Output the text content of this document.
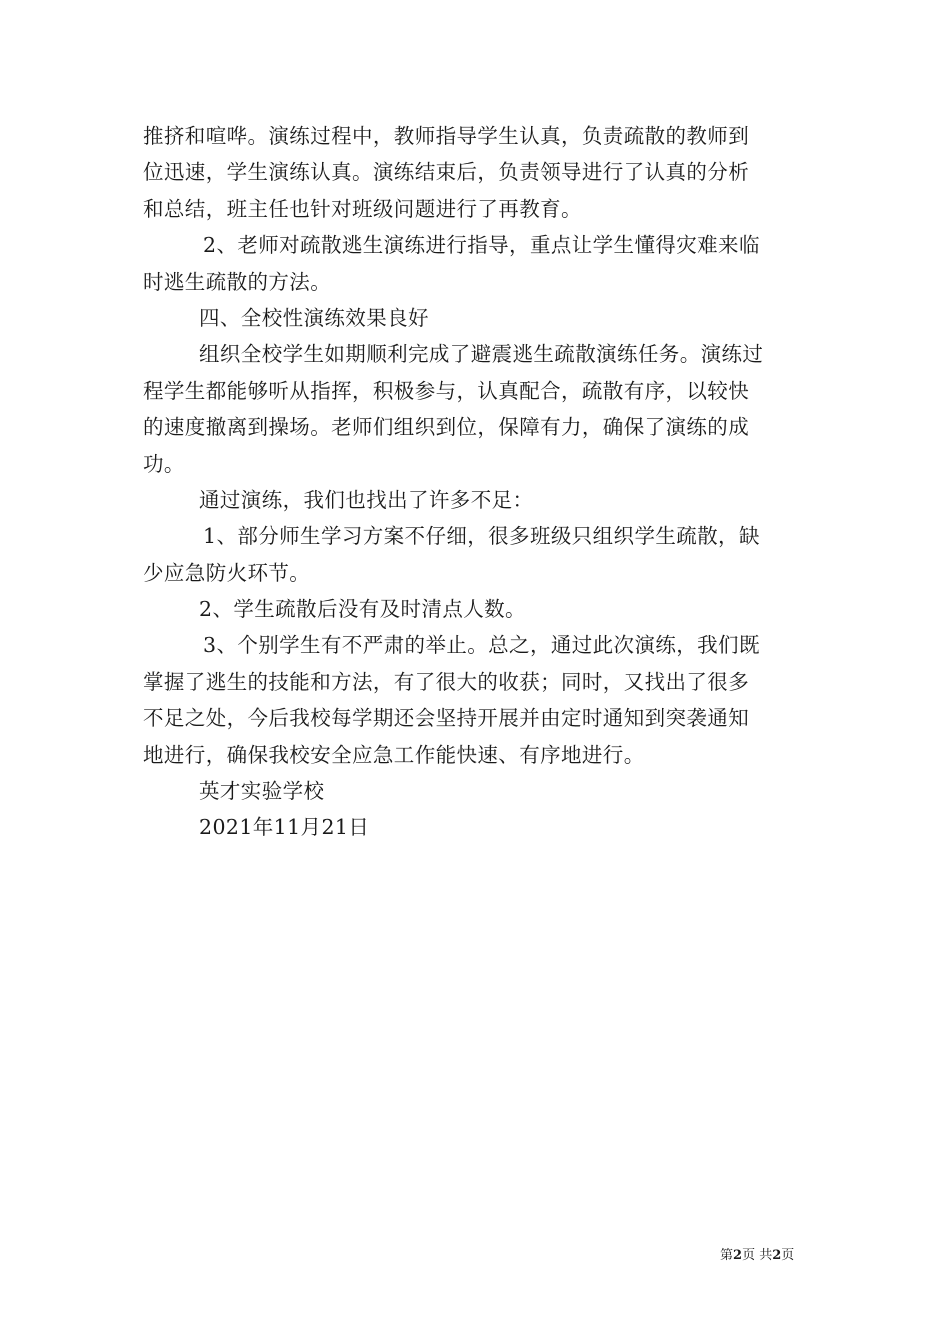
推挤和喧哗。演练过程中，教师指导学生认真，负责疏散的教师到
位迅速，学生演练认真。演练结束后，负责领导进行了认真的分析
和总结，班主任也针对班级问题进行了再教育。
2、老师对疏散逃生演练进行指导，重点让学生懂得灾难来临
时逃生疏散的方法。
四、全校性演练效果良好
组织全校学生如期顺利完成了避震逃生疏散演练任务。演练过
程学生都能够听从指挥，积极参与，认真配合，疏散有序，以较快
的速度撤离到操场。老师们组织到位，保障有力，确保了演练的成
功。
通过演练，我们也找出了许多不足：
1、部分师生学习方案不仔细，很多班级只组织学生疏散，缺
少应急防火环节。
2、学生疏散后没有及时清点人数。
3、个别学生有不严肃的举止。总之，通过此次演练，我们既
掌握了逃生的技能和方法，有了很大的收获；同时，又找出了很多
不足之处，今后我校每学期还会坚持开展并由定时通知到突袭通知
地进行，确保我校安全应急工作能快速、有序地进行。
英才实验学校
2021年11月21日
第2页 共2页
